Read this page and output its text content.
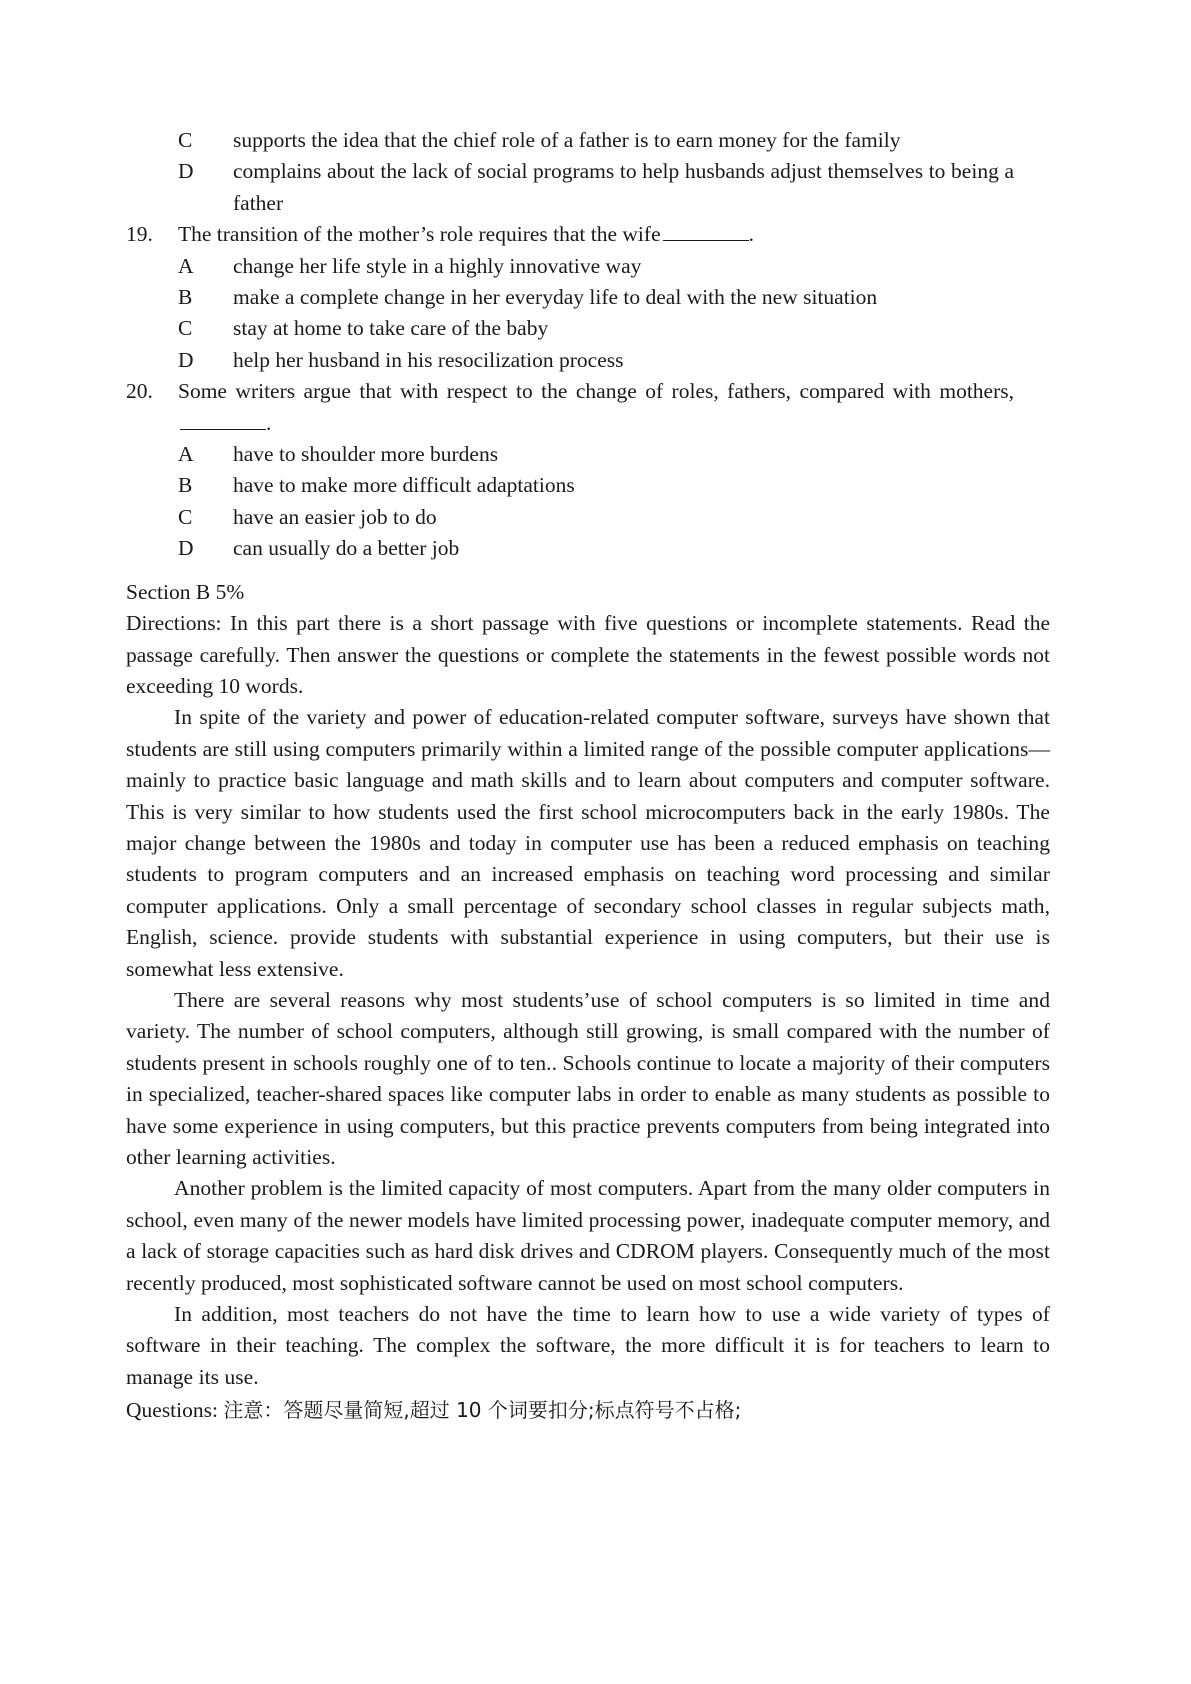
C	supports the idea that the chief role of a father is to earn money for the family
D	complains about the lack of social programs to help husbands adjust themselves to being a father
19.	The transition of the mother’s role requires that the wife	.
A	change her life style in a highly innovative way
B	make a complete change in her everyday life to deal with the new situation
C	stay at home to take care of the baby
D	help her husband in his resocilization process
20.	Some writers argue that with respect to the change of roles, fathers, compared with mothers, .
A	have to shoulder more burdens
B	have to make more difficult adaptations
C	have an easier job to do
D	can usually do a better job
Section B 5%
Directions: In this part there is a short passage with five questions or incomplete statements. Read the passage carefully. Then answer the questions or complete the statements in the fewest possible words not exceeding 10 words.
In spite of the variety and power of education-related computer software, surveys have shown that students are still using computers primarily within a limited range of the possible computer applications—mainly to practice basic language and math skills and to learn about computers and computer software. This is very similar to how students used the first school microcomputers back in the early 1980s. The major change between the 1980s and today in computer use has been a reduced emphasis on teaching students to program computers and an increased emphasis on teaching word processing and similar computer applications. Only a small percentage of secondary school classes in regular subjects math, English, science. provide students with substantial experience in using computers, but their use is somewhat less extensive.
There are several reasons why most students’use of school computers is so limited in time and variety. The number of school computers, although still growing, is small compared with the number of students present in schools roughly one of to ten.. Schools continue to locate a majority of their computers in specialized, teacher-shared spaces like computer labs in order to enable as many students as possible to have some experience in using computers, but this practice prevents computers from being integrated into other learning activities.
Another problem is the limited capacity of most computers. Apart from the many older computers in school, even many of the newer models have limited processing power, inadequate computer memory, and a lack of storage capacities such as hard disk drives and CDROM players. Consequently much of the most recently produced, most sophisticated software cannot be used on most school computers.
In addition, most teachers do not have the time to learn how to use a wide variety of types of software in their teaching. The complex the software, the more difficult it is for teachers to learn to manage its use.
Questions: 注意：答题尽量简短,超过 10 个词要扣分;标点符号不占格;
